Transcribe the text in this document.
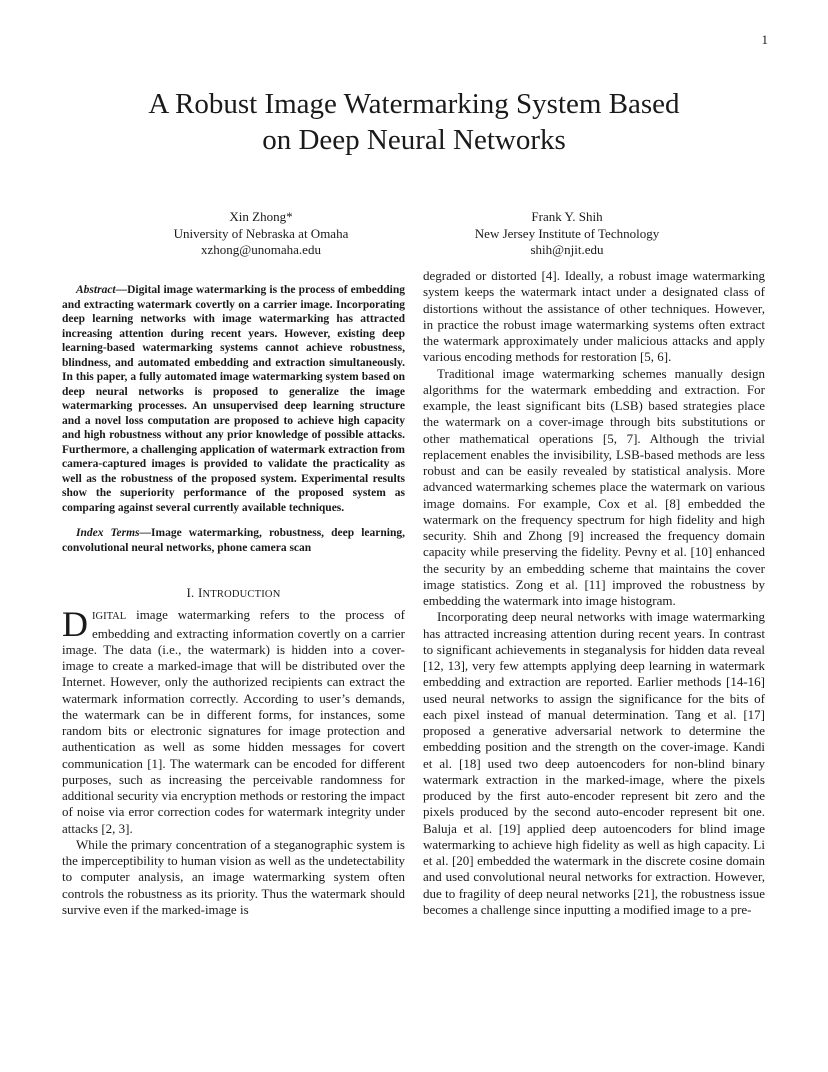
1
A Robust Image Watermarking System Based
on Deep Neural Networks
Xin Zhong*
University of Nebraska at Omaha
xzhong@unomaha.edu
Frank Y. Shih
New Jersey Institute of Technology
shih@njit.edu

Abstract—Digital image watermarking is the process of embedding and extracting watermark covertly on a carrier image. Incorporating deep learning networks with image watermarking has attracted increasing attention during recent years. However, existing deep learning-based watermarking systems cannot achieve robustness, blindness, and automated embedding and extraction simultaneously. In this paper, a fully automated image watermarking system based on deep neural networks is proposed to generalize the image watermarking processes. An unsupervised deep learning structure and a novel loss computation are proposed to achieve high capacity and high robustness without any prior knowledge of possible attacks. Furthermore, a challenging application of watermark extraction from camera-captured images is provided to validate the practicality as well as the robustness of the proposed system. Experimental results show the superiority performance of the proposed system as comparing against several currently available techniques.

Index Terms—Image watermarking, robustness, deep learning, convolutional neural networks, phone camera scan

I. INTRODUCTION

DIGITAL image watermarking refers to the process of embedding and extracting information covertly on a carrier image. The data (i.e., the watermark) is hidden into a cover-image to create a marked-image that will be distributed over the Internet. However, only the authorized recipients can extract the watermark information correctly. According to user’s demands, the watermark can be in different forms, for instances, some random bits or electronic signatures for image protection and authentication as well as some hidden messages for covert communication [1]. The watermark can be encoded for different purposes, such as increasing the perceivable randomness for additional security via encryption methods or restoring the impact of noise via error correction codes for watermark integrity under attacks [2, 3].

While the primary concentration of a steganographic system is the imperceptibility to human vision as well as the undetectability to computer analysis, an image watermarking system often controls the robustness as its priority. Thus the watermark should survive even if the marked-image is

degraded or distorted [4]. Ideally, a robust image watermarking system keeps the watermark intact under a designated class of distortions without the assistance of other techniques. However, in practice the robust image watermarking systems often extract the watermark approximately under malicious attacks and apply various encoding methods for restoration [5, 6].

Traditional image watermarking schemes manually design algorithms for the watermark embedding and extraction. For example, the least significant bits (LSB) based strategies place the watermark on a cover-image through bits substitutions or other mathematical operations [5, 7]. Although the trivial replacement enables the invisibility, LSB-based methods are less robust and can be easily revealed by statistical analysis. More advanced watermarking schemes place the watermark on various image domains. For example, Cox et al. [8] embedded the watermark on the frequency spectrum for high fidelity and high security. Shih and Zhong [9] increased the frequency domain capacity while preserving the fidelity. Pevny et al. [10] enhanced the security by an embedding scheme that maintains the cover image statistics. Zong et al. [11] improved the robustness by embedding the watermark into image histogram.

Incorporating deep neural networks with image watermarking has attracted increasing attention during recent years. In contrast to significant achievements in steganalysis for hidden data reveal [12, 13], very few attempts applying deep learning in watermark embedding and extraction are reported. Earlier methods [14-16] used neural networks to assign the significance for the bits of each pixel instead of manual determination. Tang et al. [17] proposed a generative adversarial network to determine the embedding position and the strength on the cover-image. Kandi et al. [18] used two deep autoencoders for non-blind binary watermark extraction in the marked-image, where the pixels produced by the first auto-encoder represent bit zero and the pixels produced by the second auto-encoder represent bit one. Baluja et al. [19] applied deep autoencoders for blind image watermarking to achieve high fidelity as well as high capacity. Li et al. [20] embedded the watermark in the discrete cosine domain and used convolutional neural networks for extraction. However, due to fragility of deep neural networks [21], the robustness issue becomes a challenge since inputting a modified image to a pre-
